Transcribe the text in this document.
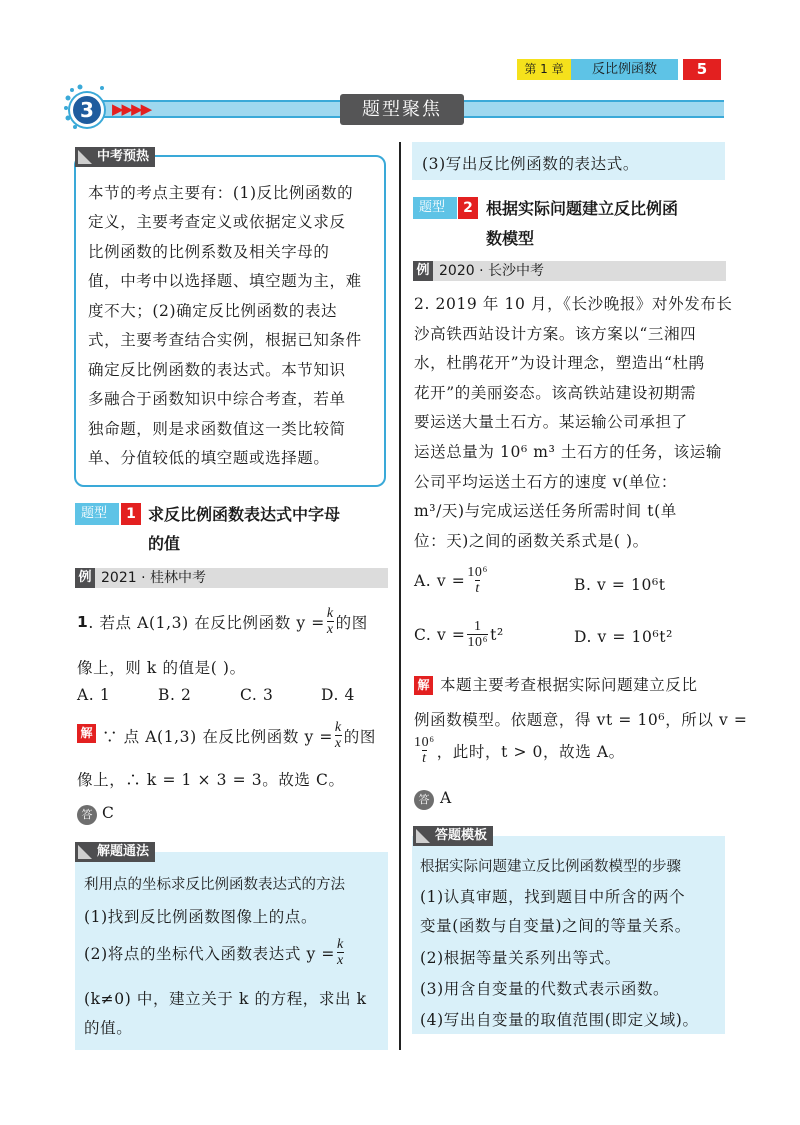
第 1 章	反比例函数	5
3	▶▶▶▶	题型聚焦
中考预热
本节的考点主要有：(1)反比例函数的
定义，主要考查定义或依据定义求反
比例函数的比例系数及相关字母的
值，中考中以选择题、填空题为主，难
度不大；(2)确定反比例函数的表达
式，主要考查结合实例，根据已知条件
确定反比例函数的表达式。本节知识
多融合于函数知识中综合考查，若单
独命题，则是求函数值这一类比较简
单、分值较低的填空题或选择题。
题型	1 求反比例函数表达式中字母
的值
例 2021 · 桂林中考
1 . 若点 A(1,3) 在反比例函数 $y = \frac{k}{x}$ 的图
像上，则 k 的值是( )。
A. 1	B. 2	C. 3	D. 4
解 ∵ 点 A(1,3) 在反比例函数 $y = \frac{k}{x}$ 的图
像上，∴ k = 1 × 3 = 3。故选 C。
答 C
解题通法
利用点的坐标求反比例函数表达式的方法
(1)找到反比例函数图像上的点。
(2)将点的坐标代入函数表达式 $y = \frac{k}{x}$
(k≠0) 中，建立关于 k 的方程，求出 k
的值。
(3)写出反比例函数的表达式。
题型	2 根据实际问题建立反比例函
数模型
例 2020 · 长沙中考
2. 2019 年 10 月，《长沙晚报》对外发布长
沙高铁西站设计方案。该方案以“三湘四
水，杜鹃花开”为设计理念，塑造出“杜鹃
花开”的美丽姿态。该高铁站建设初期需
要运送大量土石方。某运输公司承担了
运送总量为 10⁶ m³ 土石方的任务，该运输
公司平均运送土石方的速度 v(单位：
m³/天)与完成运送任务所需时间 t(单
位：天)之间的函数关系式是( )。
A. $v = \frac{\text{10⁶}}{t}$	B. v = 10⁶t
C. $v = \frac{1}{\text{10⁶}} t^2$	D. v = 10⁶t²
解 本题主要考查根据实际问题建立反比
例函数模型。依题意，得 vt = 10⁶，所以 v =
$\frac{\text{10⁶}}{t}$ ，此时，t > 0，故选 A。
答 A
答题模板
根据实际问题建立反比例函数模型的步骤
(1)认真审题，找到题目中所含的两个
变量(函数与自变量)之间的等量关系。
(2)根据等量关系列出等式。
(3)用含自变量的代数式表示函数。
(4)写出自变量的取值范围(即定义域)。
